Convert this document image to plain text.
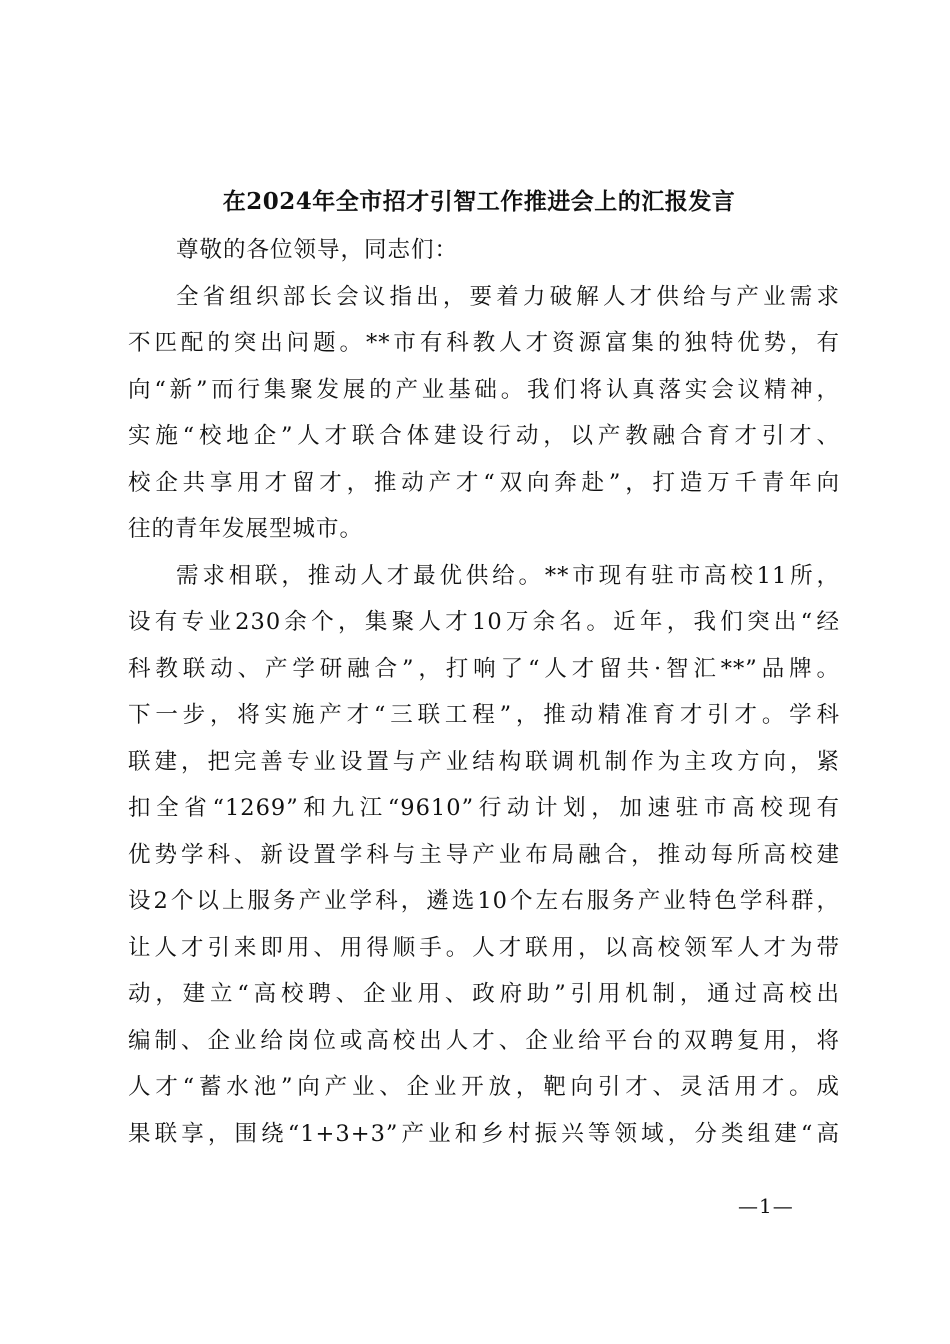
在2024年全市招才引智工作推进会上的汇报发言
尊敬的各位领导，同志们：
全省组织部长会议指出，要着力破解人才供给与产业需求
不匹配的突出问题。**市有科教人才资源富集的独特优势，有
向“新”而行集聚发展的产业基础。我们将认真落实会议精神，
实施“校地企”人才联合体建设行动，以产教融合育才引才、
校企共享用才留才，推动产才“双向奔赴”，打造万千青年向
往的青年发展型城市。
需求相联，推动人才最优供给。**市现有驻市高校11所，
设有专业230余个，集聚人才10万余名。近年，我们突出“经
科教联动、产学研融合”，打响了“人才留共·智汇**”品牌。
下一步，将实施产才“三联工程”，推动精准育才引才。学科
联建，把完善专业设置与产业结构联调机制作为主攻方向，紧
扣全省“1269”和九江“9610”行动计划，加速驻市高校现有
优势学科、新设置学科与主导产业布局融合，推动每所高校建
设2个以上服务产业学科，遴选10个左右服务产业特色学科群，
让人才引来即用、用得顺手。人才联用，以高校领军人才为带
动，建立“高校聘、企业用、政府助”引用机制，通过高校出
编制、企业给岗位或高校出人才、企业给平台的双聘复用，将
人才“蓄水池”向产业、企业开放，靶向引才、灵活用才。成
果联享，围绕“1+3+3”产业和乡村振兴等领域，分类组建“高
—1—
